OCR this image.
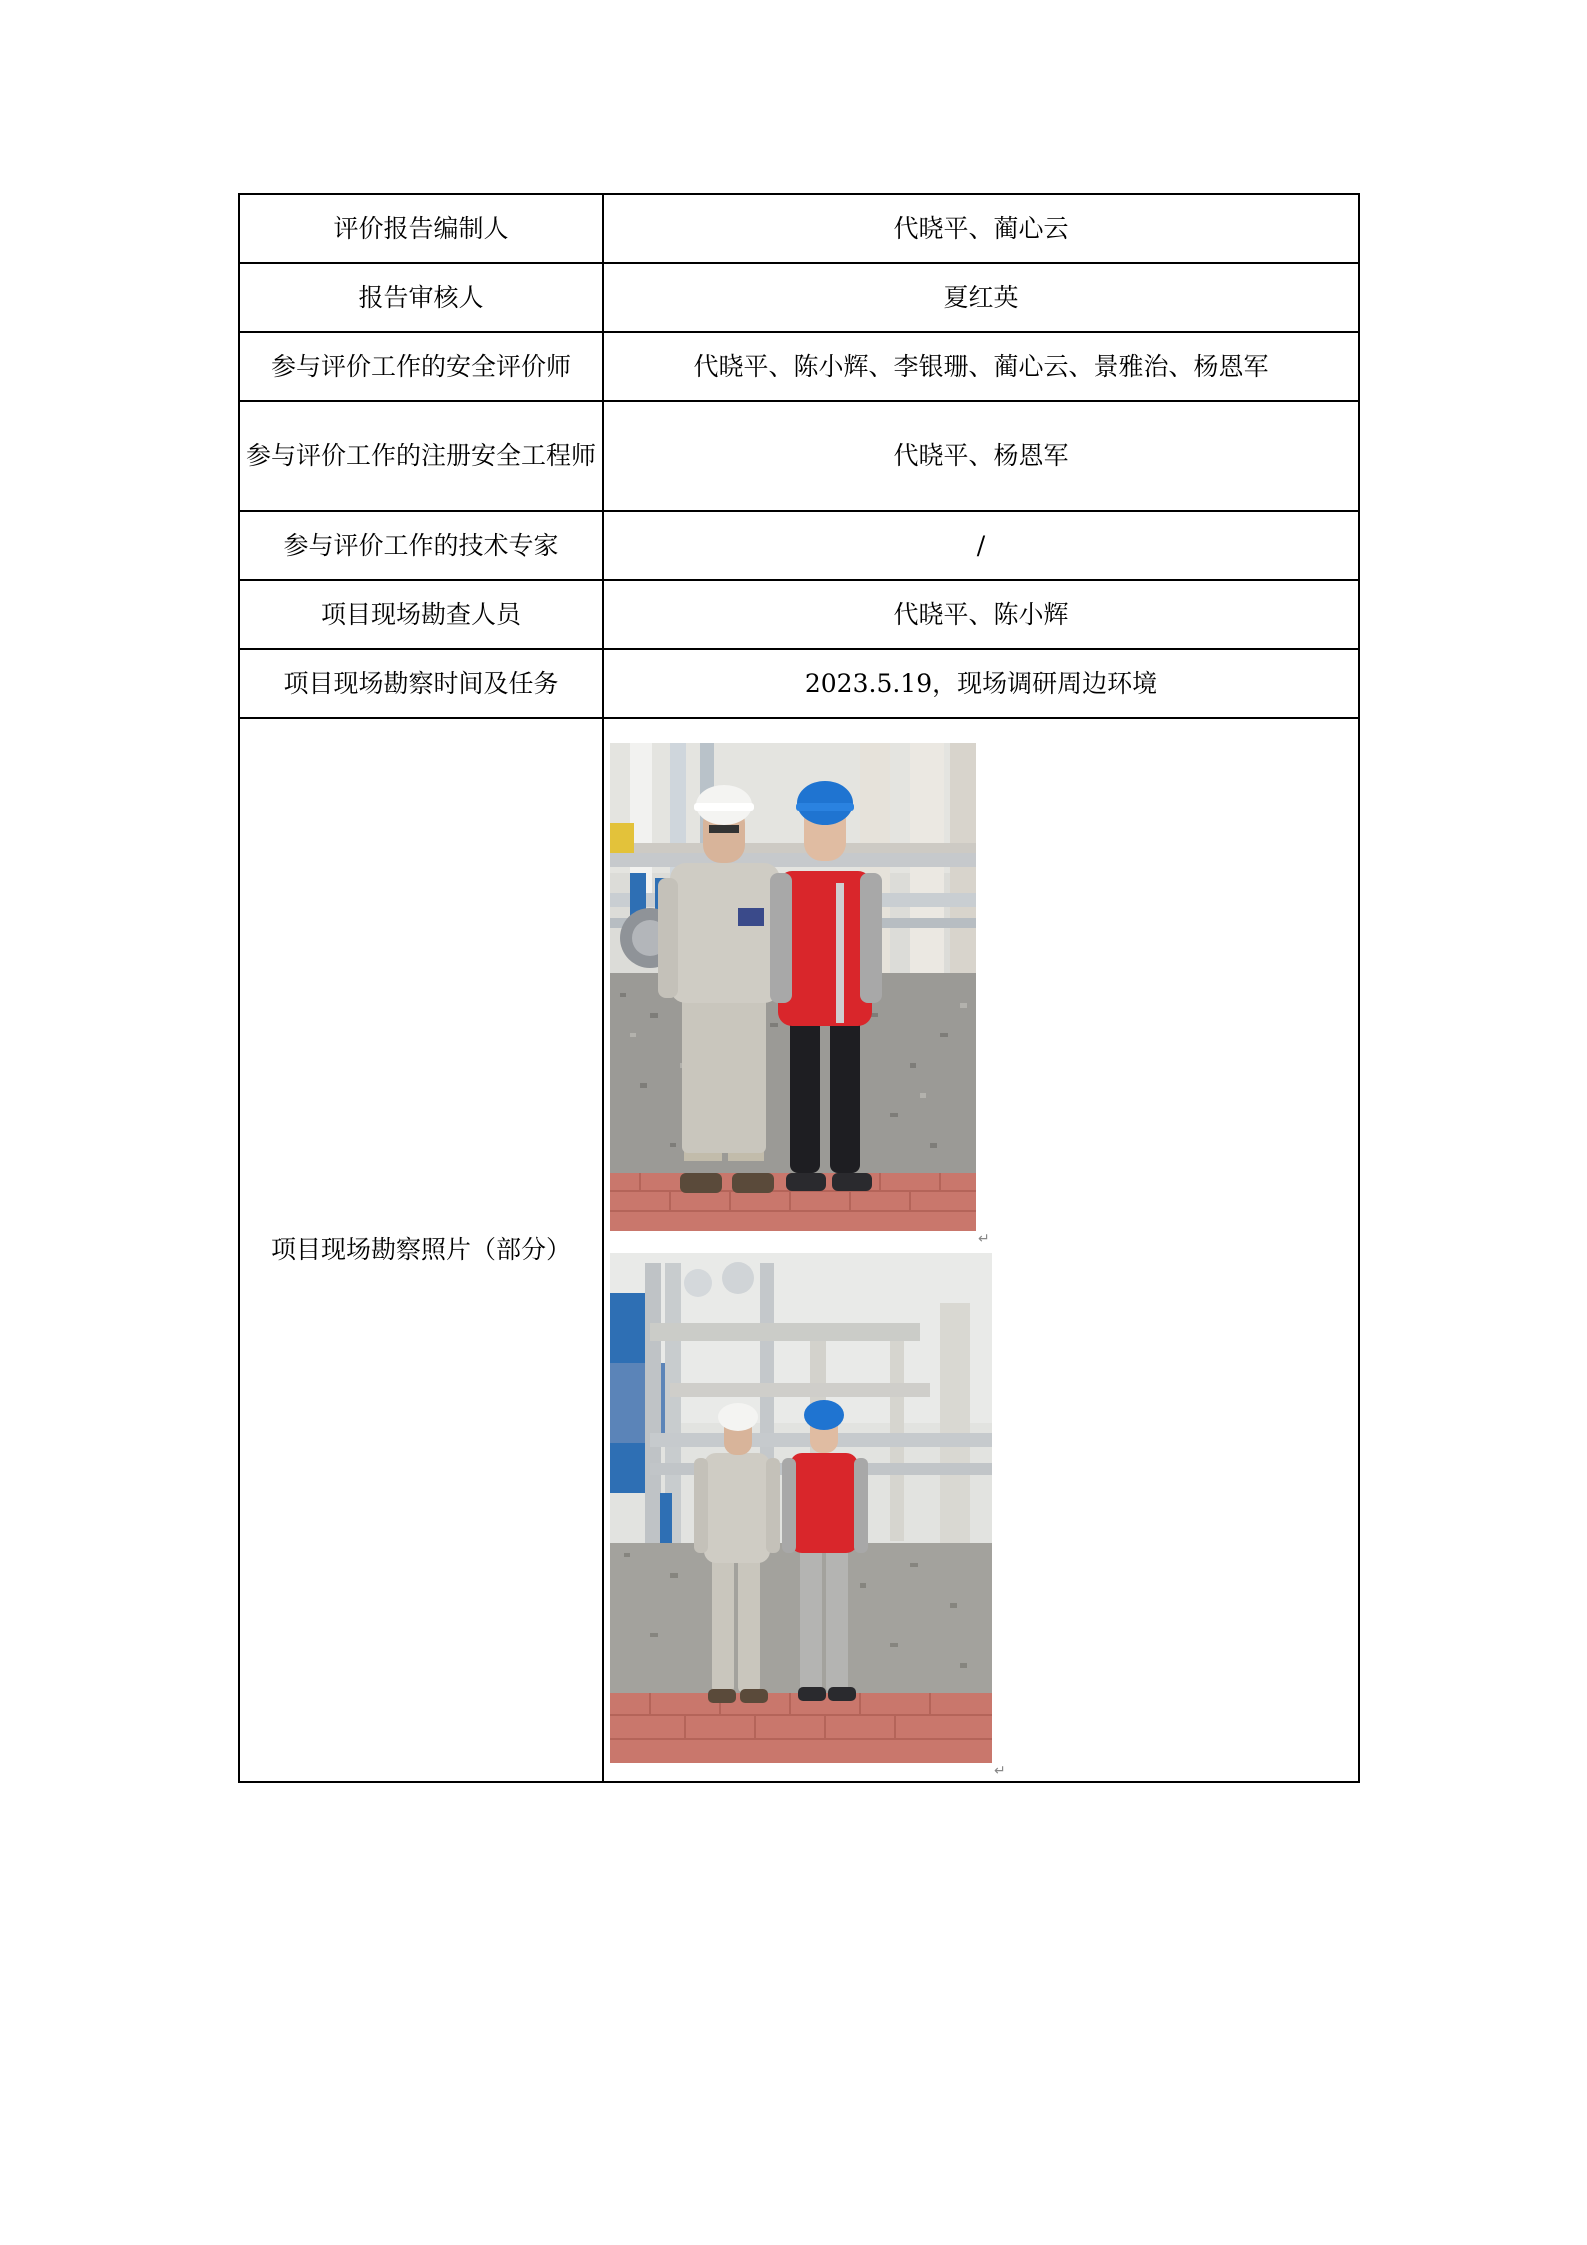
评价报告编制人	代晓平、蔺心云
报告审核人	夏红英
参与评价工作的安全评价师	代晓平、陈小辉、李银珊、蔺心云、景雅治、杨恩军
参与评价工作的注册安全工程师	代晓平、杨恩军
参与评价工作的技术专家	/
项目现场勘查人员	代晓平、陈小辉
项目现场勘察时间及任务	2023.5.19，现场调研周边环境
项目现场勘察照片（部分）	↵
↵
